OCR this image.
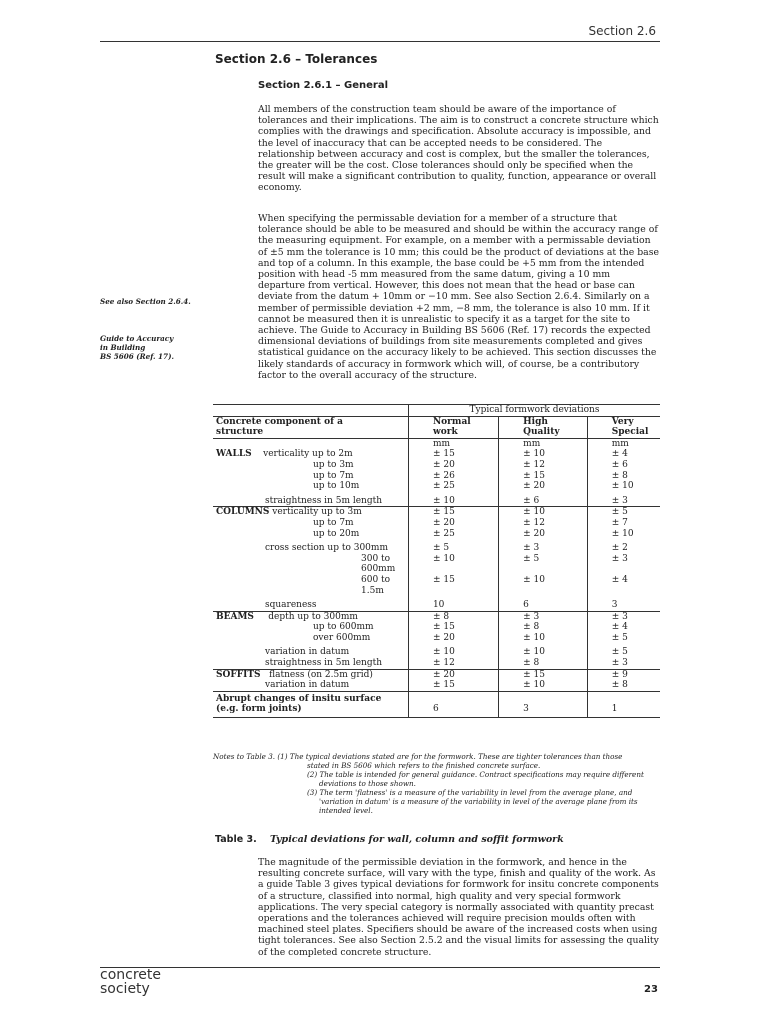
Section 2.6
Section 2.6 – Tolerances
Section 2.6.1 – General
All members of the construction team should be aware of the importance of tolerances and their implications. The aim is to construct a concrete structure which complies with the drawings and specification. Absolute accuracy is impossible, and the level of inaccuracy that can be accepted needs to be considered. The relationship between accuracy and cost is complex, but the smaller the tolerances, the greater will be the cost. Close tolerances should only be specified when the result will make a significant contribution to quality, function, appearance or overall economy.
When specifying the permissable deviation for a member of a structure that tolerance should be able to be measured and should be within the accuracy range of the measuring equipment. For example, on a member with a permissable deviation of ±5 mm the tolerance is 10 mm; this could be the product of deviations at the base and top of a column. In this example, the base could be +5 mm from the intended position with head -5 mm measured from the same datum, giving a 10 mm departure from vertical. However, this does not mean that the head or base can deviate from the datum + 10mm or −10 mm. See also Section 2.6.4. Similarly on a member of permissible deviation +2 mm, −8 mm, the tolerance is also 10 mm. If it cannot be measured then it is unrealistic to specify it as a target for the site to achieve. The Guide to Accuracy in Building BS 5606 (Ref. 17) records the expected dimensional deviations of buildings from site measurements completed and gives statistical guidance on the accuracy likely to be achieved. This section discusses the likely standards of accuracy in formwork which will, of course, be a contributory factor to the overall accuracy of the structure.
See also Section 2.6.4.
Guide to Accuracy
in Building
BS 5606 (Ref. 17).
	Typical formwork deviations		
Concrete component of a
structure	Normal
work	High
Quality	Very
Special
	mm	mm	mm
WALLS verticality up to 2m	± 15	± 10	± 4
up to 3m	± 20	± 12	± 6
up to 7m	± 26	± 15	± 8
up to 10m	± 25	± 20	± 10
straightness in 5m length	± 10	± 6	± 3
COLUMNS verticality up to 3m	± 15	± 10	± 5
up to 7m	± 20	± 12	± 7
up to 20m	± 25	± 20	± 10
cross section up to 300mm	± 5	± 3	± 2
300 to 600mm	± 10	± 5	± 3
600 to 1.5m	± 15	± 10	± 4
squareness	10	6	3
BEAMS depth up to 300mm	± 8	± 3	± 3
up to 600mm	± 15	± 8	± 4
over 600mm	± 20	± 10	± 5
variation in datum	± 10	± 10	± 5
straightness in 5m length	± 12	± 8	± 3
SOFFITS flatness (on 2.5m grid)	± 20	± 15	± 9
variation in datum	± 15	± 10	± 8
Abrupt changes of insitu surface
(e.g. form joints)	6	3	1
Notes to Table 3. (1) The typical deviations stated are for the formwork. These are tighter tolerances than those
stated in BS 5606 which refers to the finished concrete surface.
(2) The table is intended for general guidance. Contract specifications may require different
deviations to those shown.
(3) The term 'flatness' is a measure of the variability in level from the average plane, and
'variation in datum' is a measure of the variability in level of the average plane from its
intended level.
Table 3. Typical deviations for wall, column and soffit formwork
The magnitude of the permissible deviation in the formwork, and hence in the resulting concrete surface, will vary with the type, finish and quality of the work. As a guide Table 3 gives typical deviations for formwork for insitu concrete components of a structure, classified into normal, high quality and very special formwork applications. The very special category is normally associated with quantity precast operations and the tolerances achieved will require precision moulds often with machined steel plates. Specifiers should be aware of the increased costs when using tight tolerances. See also Section 2.5.2 and the visual limits for assessing the quality of the completed concrete structure.
concrete
society	23
